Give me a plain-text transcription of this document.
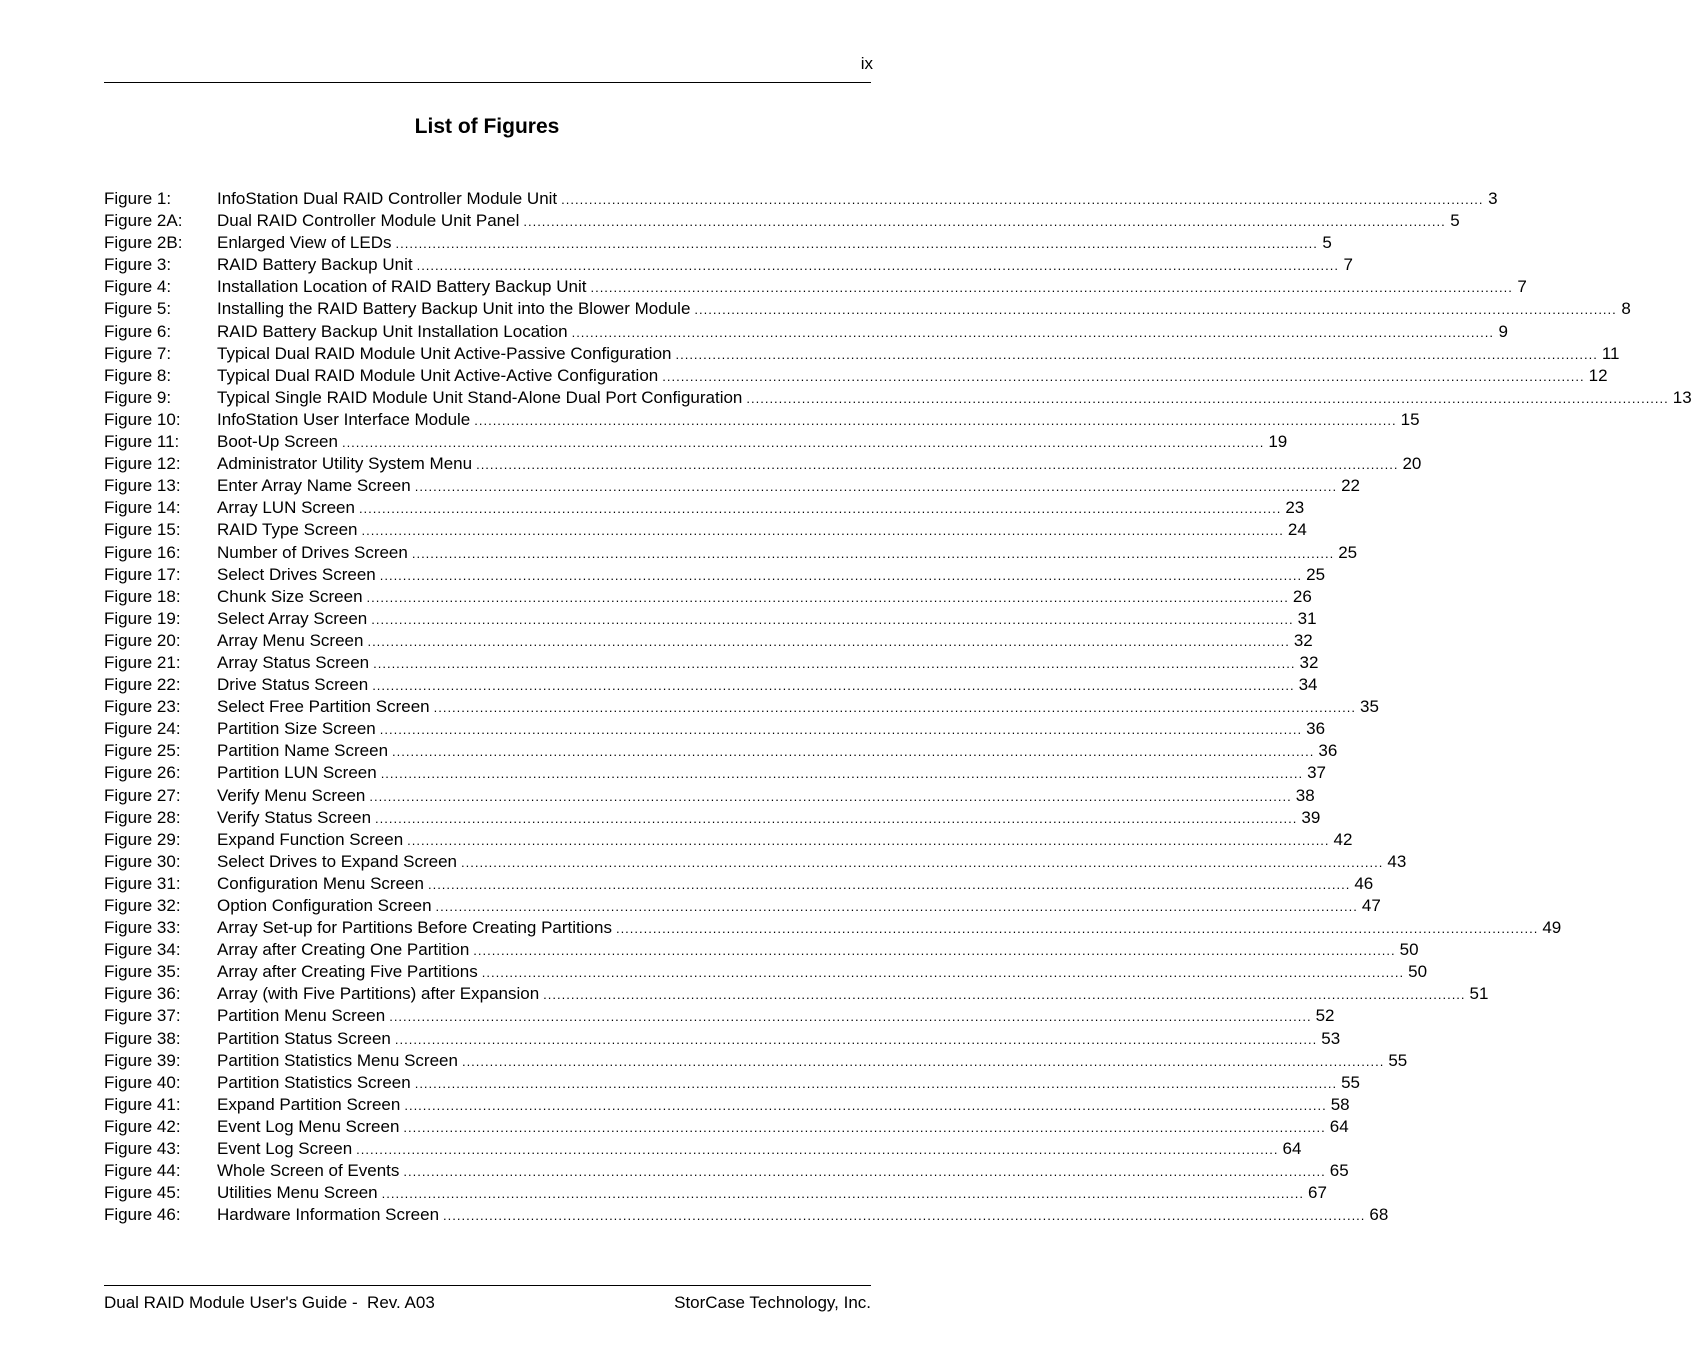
ix
List of Figures
Figure 1:	InfoStation Dual RAID Controller Module Unit .....	3
Figure 2A:	Dual RAID Controller Module Unit Panel .....	5
Figure 2B:	Enlarged View of LEDs .....	5
Figure 3:	RAID Battery Backup Unit .....	7
Figure 4:	Installation Location of RAID Battery Backup Unit .....	7
Figure 5:	Installing the RAID Battery Backup Unit into the Blower Module .....	8
Figure 6:	RAID Battery Backup Unit Installation Location .....	9
Figure 7:	Typical Dual RAID Module Unit Active-Passive Configuration .....	11
Figure 8:	Typical Dual RAID Module Unit Active-Active Configuration .....	12
Figure 9:	Typical Single RAID Module Unit Stand-Alone Dual Port Configuration .....	13
Figure 10:	InfoStation User Interface Module .....	15
Figure 11:	Boot-Up Screen .....	19
Figure 12:	Administrator Utility System Menu .....	20
Figure 13:	Enter Array Name Screen .....	22
Figure 14:	Array LUN Screen .....	23
Figure 15:	RAID Type Screen .....	24
Figure 16:	Number of Drives Screen .....	25
Figure 17:	Select Drives Screen .....	25
Figure 18:	Chunk Size Screen .....	26
Figure 19:	Select Array Screen .....	31
Figure 20:	Array Menu Screen .....	32
Figure 21:	Array Status Screen .....	32
Figure 22:	Drive Status Screen .....	34
Figure 23:	Select Free Partition Screen .....	35
Figure 24:	Partition Size Screen .....	36
Figure 25:	Partition Name Screen .....	36
Figure 26:	Partition LUN Screen .....	37
Figure 27:	Verify Menu Screen .....	38
Figure 28:	Verify Status Screen .....	39
Figure 29:	Expand Function Screen .....	42
Figure 30:	Select Drives to Expand Screen .....	43
Figure 31:	Configuration Menu Screen .....	46
Figure 32:	Option Configuration Screen .....	47
Figure 33:	Array Set-up for Partitions Before Creating Partitions .....	49
Figure 34:	Array after Creating One Partition .....	50
Figure 35:	Array after Creating Five Partitions .....	50
Figure 36:	Array (with Five Partitions) after Expansion .....	51
Figure 37:	Partition Menu Screen .....	52
Figure 38:	Partition Status Screen .....	53
Figure 39:	Partition Statistics Menu Screen .....	55
Figure 40:	Partition Statistics Screen .....	55
Figure 41:	Expand Partition Screen .....	58
Figure 42:	Event Log Menu Screen .....	64
Figure 43:	Event Log Screen .....	64
Figure 44:	Whole Screen of Events .....	65
Figure 45:	Utilities Menu Screen .....	67
Figure 46:	Hardware Information Screen .....	68
Dual RAID Module User's Guide -  Rev. A03	StorCase Technology, Inc.
